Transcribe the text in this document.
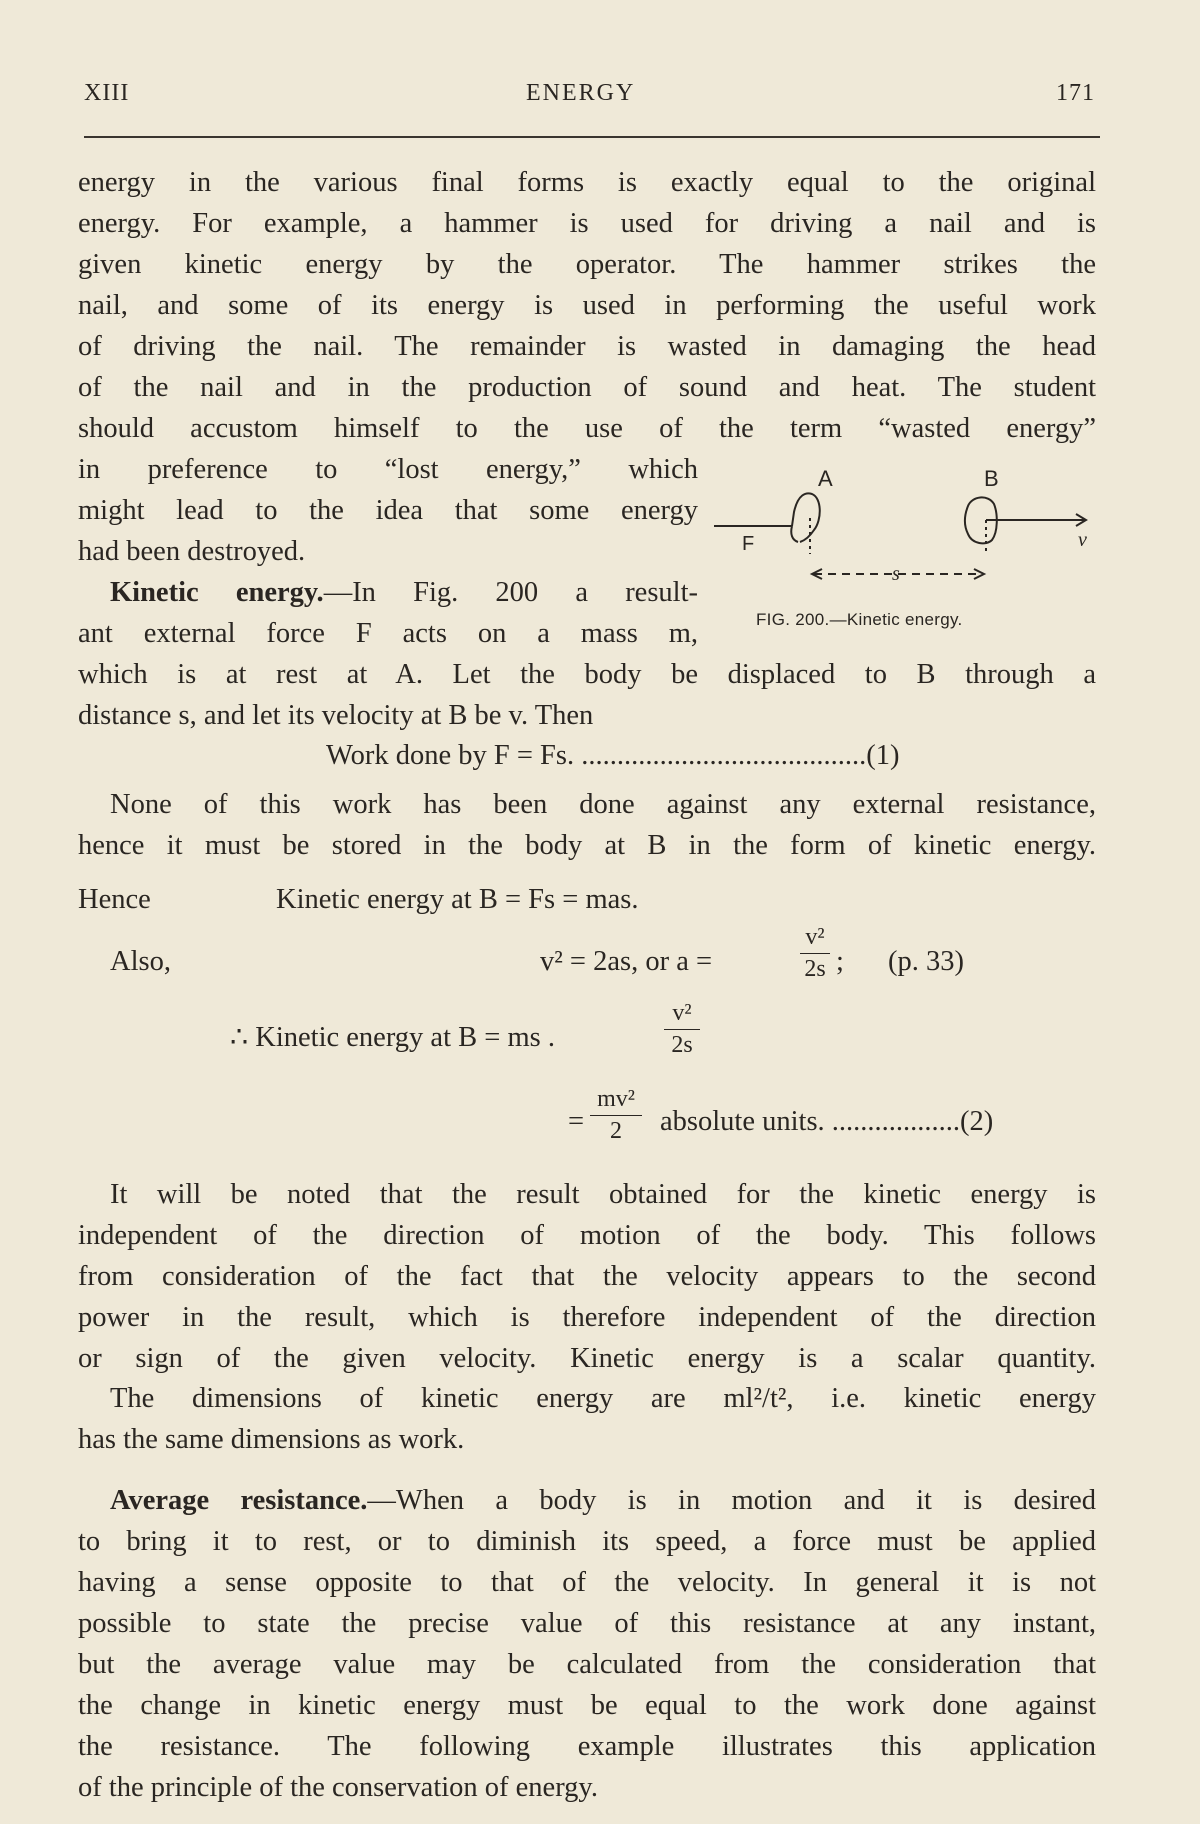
XIII	ENERGY	171
energy in the various final forms is exactly equal to the original
energy. For example, a hammer is used for driving a nail and is
given kinetic energy by the operator. The hammer strikes the
nail, and some of its energy is used in performing the useful work
of driving the nail. The remainder is wasted in damaging the head
of the nail and in the production of sound and heat. The student
should accustom himself to the use of the term “wasted energy”
in preference to “lost energy,” which
might lead to the idea that some energy
had been destroyed.
Kinetic energy.—In Fig. 200 a result-
ant external force F acts on a mass m,
A	B
F	v
s
FIG. 200.—Kinetic energy.
which is at rest at A. Let the body be displaced to B through a
distance s, and let its velocity at B be v. Then
Work done by F = Fs. ........................................(1)
None of this work has been done against any external resistance,
hence it must be stored in the body at B in the form of kinetic energy.
Hence	Kinetic energy at B = Fs = mas.
Also,	v² = 2as, or a =
v²
2s ; (p. 33)
∴ Kinetic energy at B = ms .
v²
2s
=
mv²
2	absolute units. ..................(2)
It will be noted that the result obtained for the kinetic energy is
independent of the direction of motion of the body. This follows
from consideration of the fact that the velocity appears to the second
power in the result, which is therefore independent of the direction
or sign of the given velocity. Kinetic energy is a scalar quantity.
The dimensions of kinetic energy are ml²/t², i.e. kinetic energy
has the same dimensions as work.
Average resistance.—When a body is in motion and it is desired
to bring it to rest, or to diminish its speed, a force must be applied
having a sense opposite to that of the velocity. In general it is not
possible to state the precise value of this resistance at any instant,
but the average value may be calculated from the consideration that
the change in kinetic energy must be equal to the work done against
the resistance. The following example illustrates this application
of the principle of the conservation of energy.
